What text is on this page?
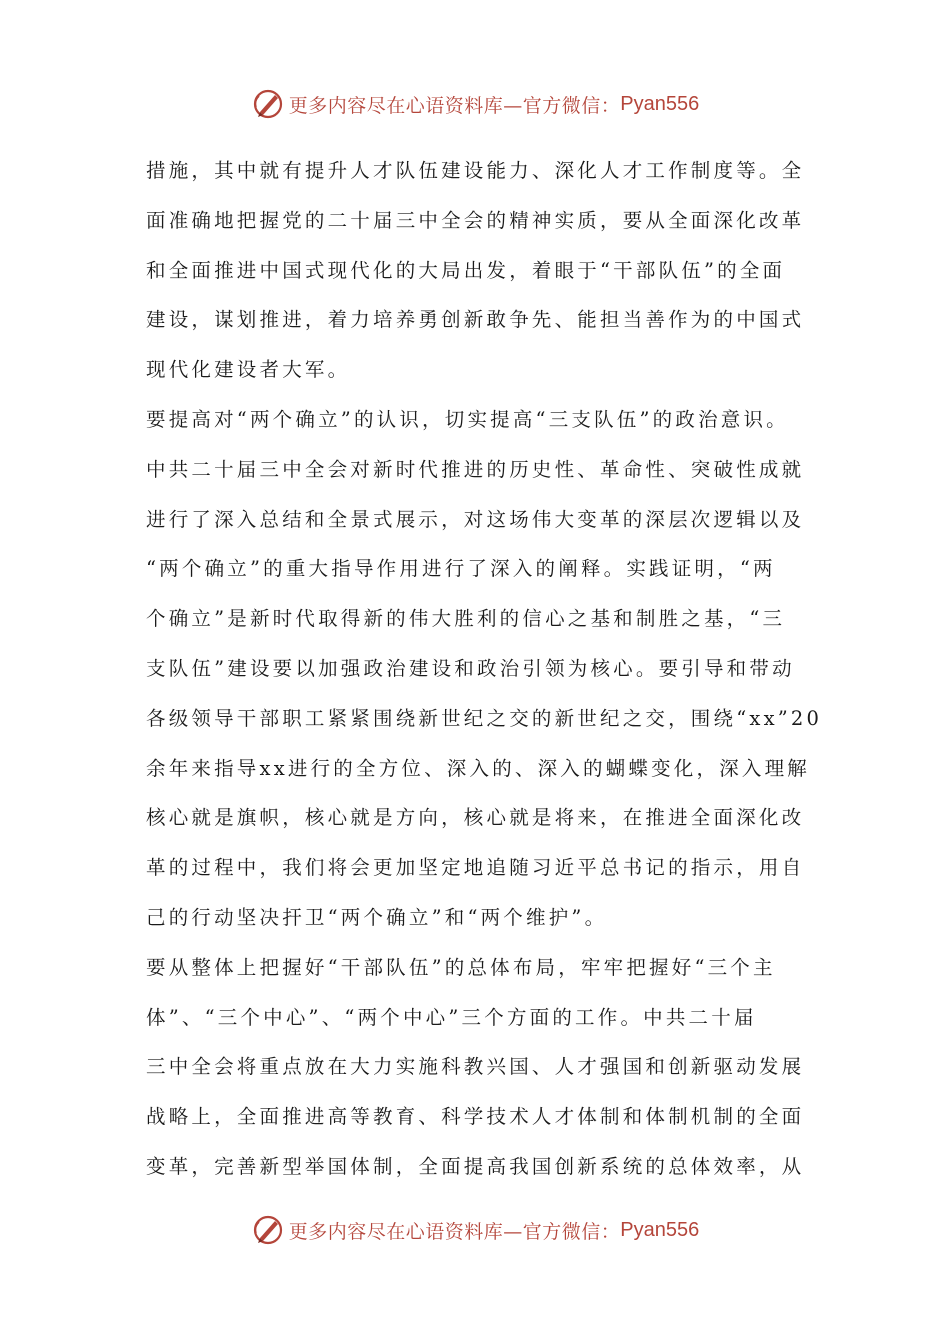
更多内容尽在心语资料库—官方微信： Pyan556
措施，其中就有提升人才队伍建设能力、深化人才工作制度等。全
面准确地把握党的二十届三中全会的精神实质，要从全面深化改革
和全面推进中国式现代化的大局出发，着眼于“干部队伍”的全面
建设，谋划推进，着力培养勇创新敢争先、能担当善作为的中国式
现代化建设者大军。
要提高对“两个确立”的认识，切实提高“三支队伍”的政治意识。
中共二十届三中全会对新时代推进的历史性、革命性、突破性成就
进行了深入总结和全景式展示，对这场伟大变革的深层次逻辑以及
“两个确立”的重大指导作用进行了深入的阐释。实践证明，“两
个确立”是新时代取得新的伟大胜利的信心之基和制胜之基，“三
支队伍”建设要以加强政治建设和政治引领为核心。要引导和带动
各级领导干部职工紧紧围绕新世纪之交的新世纪之交，围绕“xx”20
余年来指导xx进行的全方位、深入的、深入的蝴蝶变化，深入理解
核心就是旗帜，核心就是方向，核心就是将来，在推进全面深化改
革的过程中，我们将会更加坚定地追随习近平总书记的指示，用自
己的行动坚决扞卫“两个确立”和“两个维护”。
要从整体上把握好“干部队伍”的总体布局，牢牢把握好“三个主
体”、“三个中心”、“两个中心”三个方面的工作。中共二十届
三中全会将重点放在大力实施科教兴国、人才强国和创新驱动发展
战略上，全面推进高等教育、科学技术人才体制和体制机制的全面
变革，完善新型举国体制，全面提高我国创新系统的总体效率，从
更多内容尽在心语资料库—官方微信： Pyan556
